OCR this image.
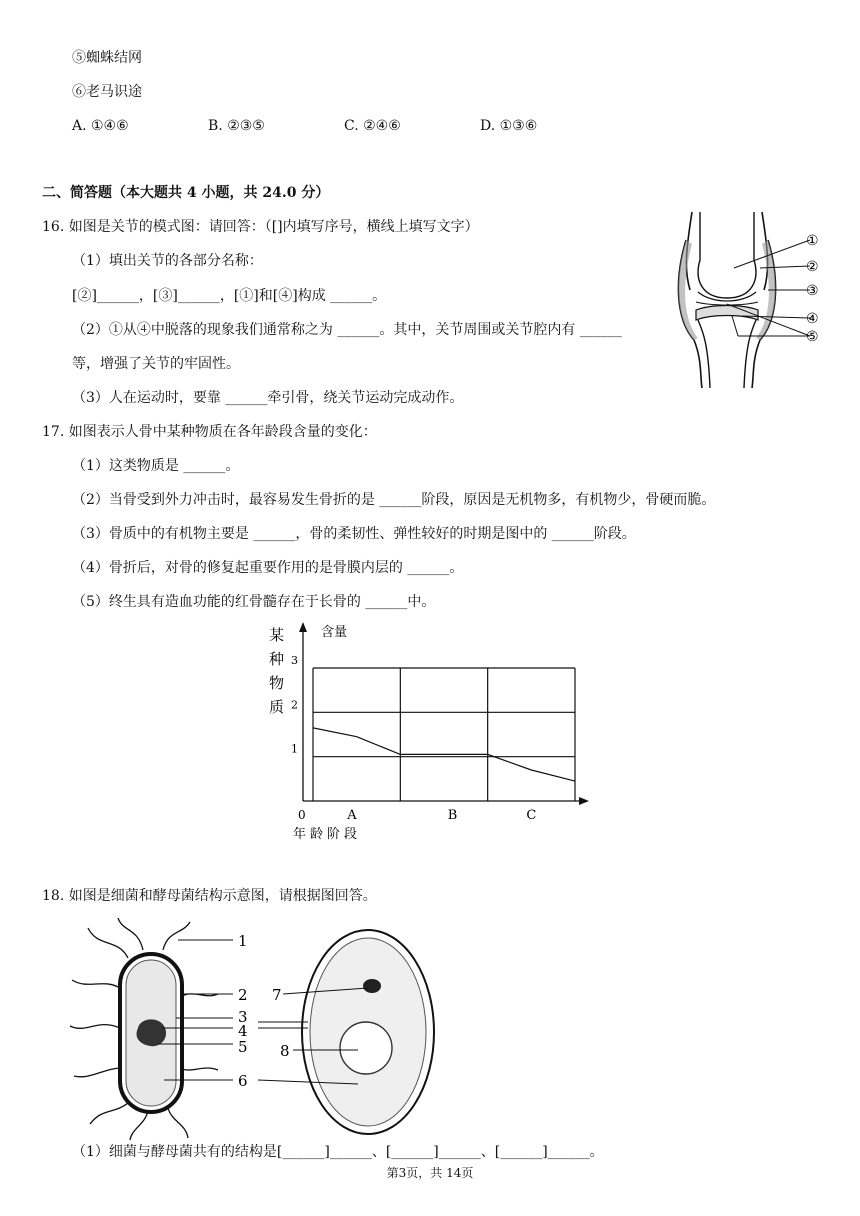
⑤蜘蛛结网
⑥老马识途
A. ①④⑥	B. ②③⑤	C. ②④⑥	D. ①③⑥
二、简答题（本大题共 4 小题，共 24.0 分）
16. 如图是关节的模式图：请回答：（[]内填写序号，横线上填写文字）
（1）填出关节的各部分名称：
[②]______，[③]______，[①]和[④]构成 ______。
（2）①从④中脱落的现象我们通常称之为 ______。其中，关节周围或关节腔内有 ______
等，增强了关节的牢固性。
（3）人在运动时，要靠 ______牵引骨，绕关节运动完成动作。
①
②
③
④
⑤
17. 如图表示人骨中某种物质在各年龄段含量的变化：
（1）这类物质是 ______。
（2）当骨受到外力冲击时，最容易发生骨折的是 ______阶段，原因是无机物多，有机物少，骨硬而脆。
（3）骨质中的有机物主要是 ______，骨的柔韧性、弹性较好的时期是图中的 ______阶段。
（4）骨折后，对骨的修复起重要作用的是骨膜内层的 ______。
（5）终生具有造血功能的红骨髓存在于长骨的 ______中。
某
种
物
质
含量
3
2
1
0	A	B	C
年龄阶段
18. 如图是细菌和酵母菌结构示意图，请根据图回答。
1
2
3
4
5
6
7
8
（1）细菌与酵母菌共有的结构是[______]______、[______]______、[______]______。
第3页，共 14页
